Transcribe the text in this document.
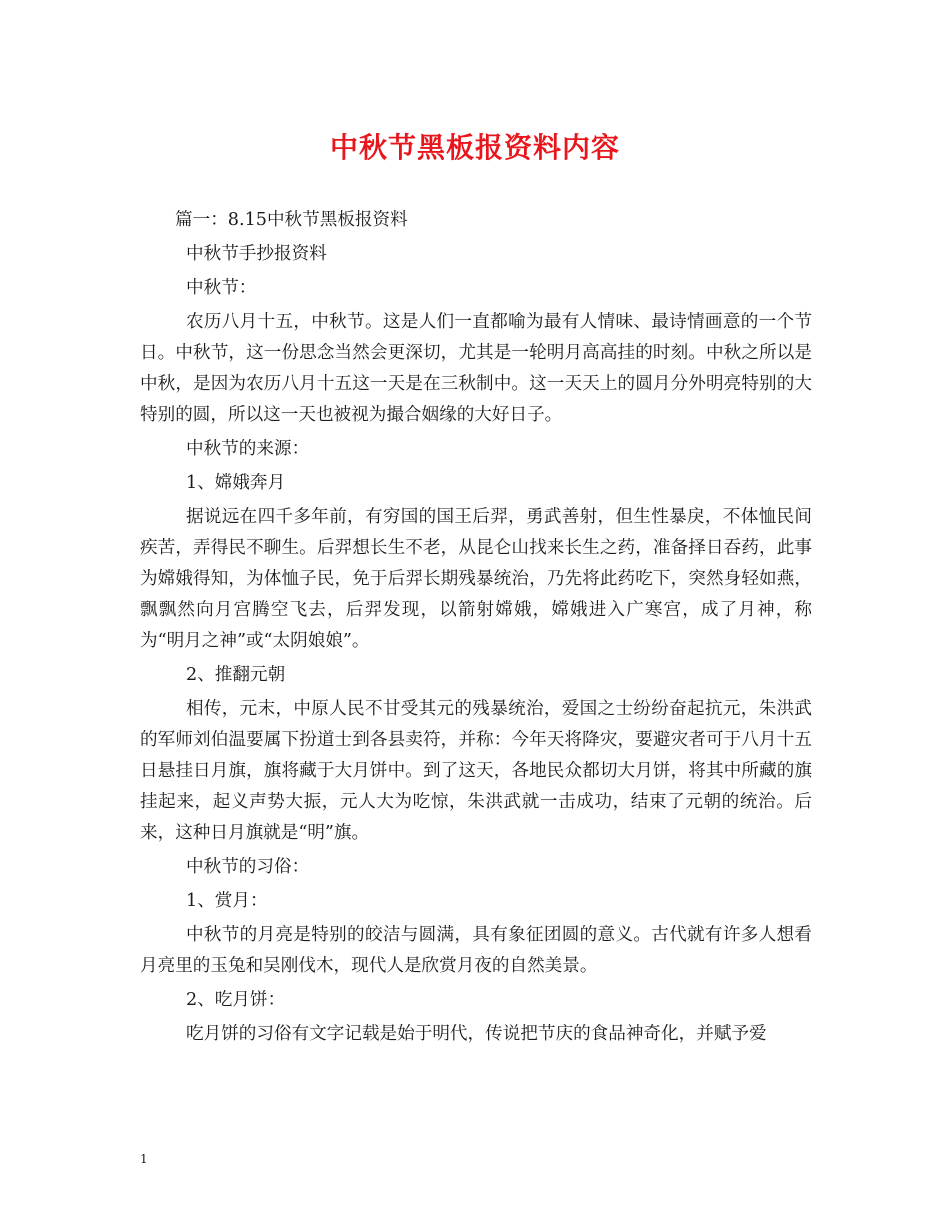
中秋节黑板报资料内容
篇一：8.15中秋节黑板报资料
中秋节手抄报资料
中秋节：
农历八月十五，中秋节。这是人们一直都喻为最有人情味、最诗情画意的一个节日。中秋节，这一份思念当然会更深切，尤其是一轮明月高高挂的时刻。中秋之所以是中秋，是因为农历八月十五这一天是在三秋制中。这一天天上的圆月分外明亮特别的大特别的圆，所以这一天也被视为撮合姻缘的大好日子。
中秋节的来源：
1、嫦娥奔月
据说远在四千多年前，有穷国的国王后羿，勇武善射，但生性暴戾，不体恤民间疾苦，弄得民不聊生。后羿想长生不老，从昆仑山找来长生之药，准备择日吞药，此事为嫦娥得知，为体恤子民，免于后羿长期残暴统治，乃先将此药吃下，突然身轻如燕，飘飘然向月宫腾空飞去，后羿发现，以箭射嫦娥，嫦娥进入广寒宫，成了月神，称为“明月之神”或“太阴娘娘”。
2、推翻元朝
相传，元末，中原人民不甘受其元的残暴统治，爱国之士纷纷奋起抗元，朱洪武的军师刘伯温要属下扮道士到各县卖符，并称：今年天将降灾，要避灾者可于八月十五日悬挂日月旗，旗将藏于大月饼中。到了这天，各地民众都切大月饼，将其中所藏的旗挂起来，起义声势大振，元人大为吃惊，朱洪武就一击成功，结束了元朝的统治。后来，这种日月旗就是“明”旗。
中秋节的习俗：
1、赏月：
中秋节的月亮是特别的皎洁与圆满，具有象征团圆的意义。古代就有许多人想看月亮里的玉兔和吴刚伐木，现代人是欣赏月夜的自然美景。
2、吃月饼：
吃月饼的习俗有文字记载是始于明代，传说把节庆的食品神奇化，并赋予爱
1
